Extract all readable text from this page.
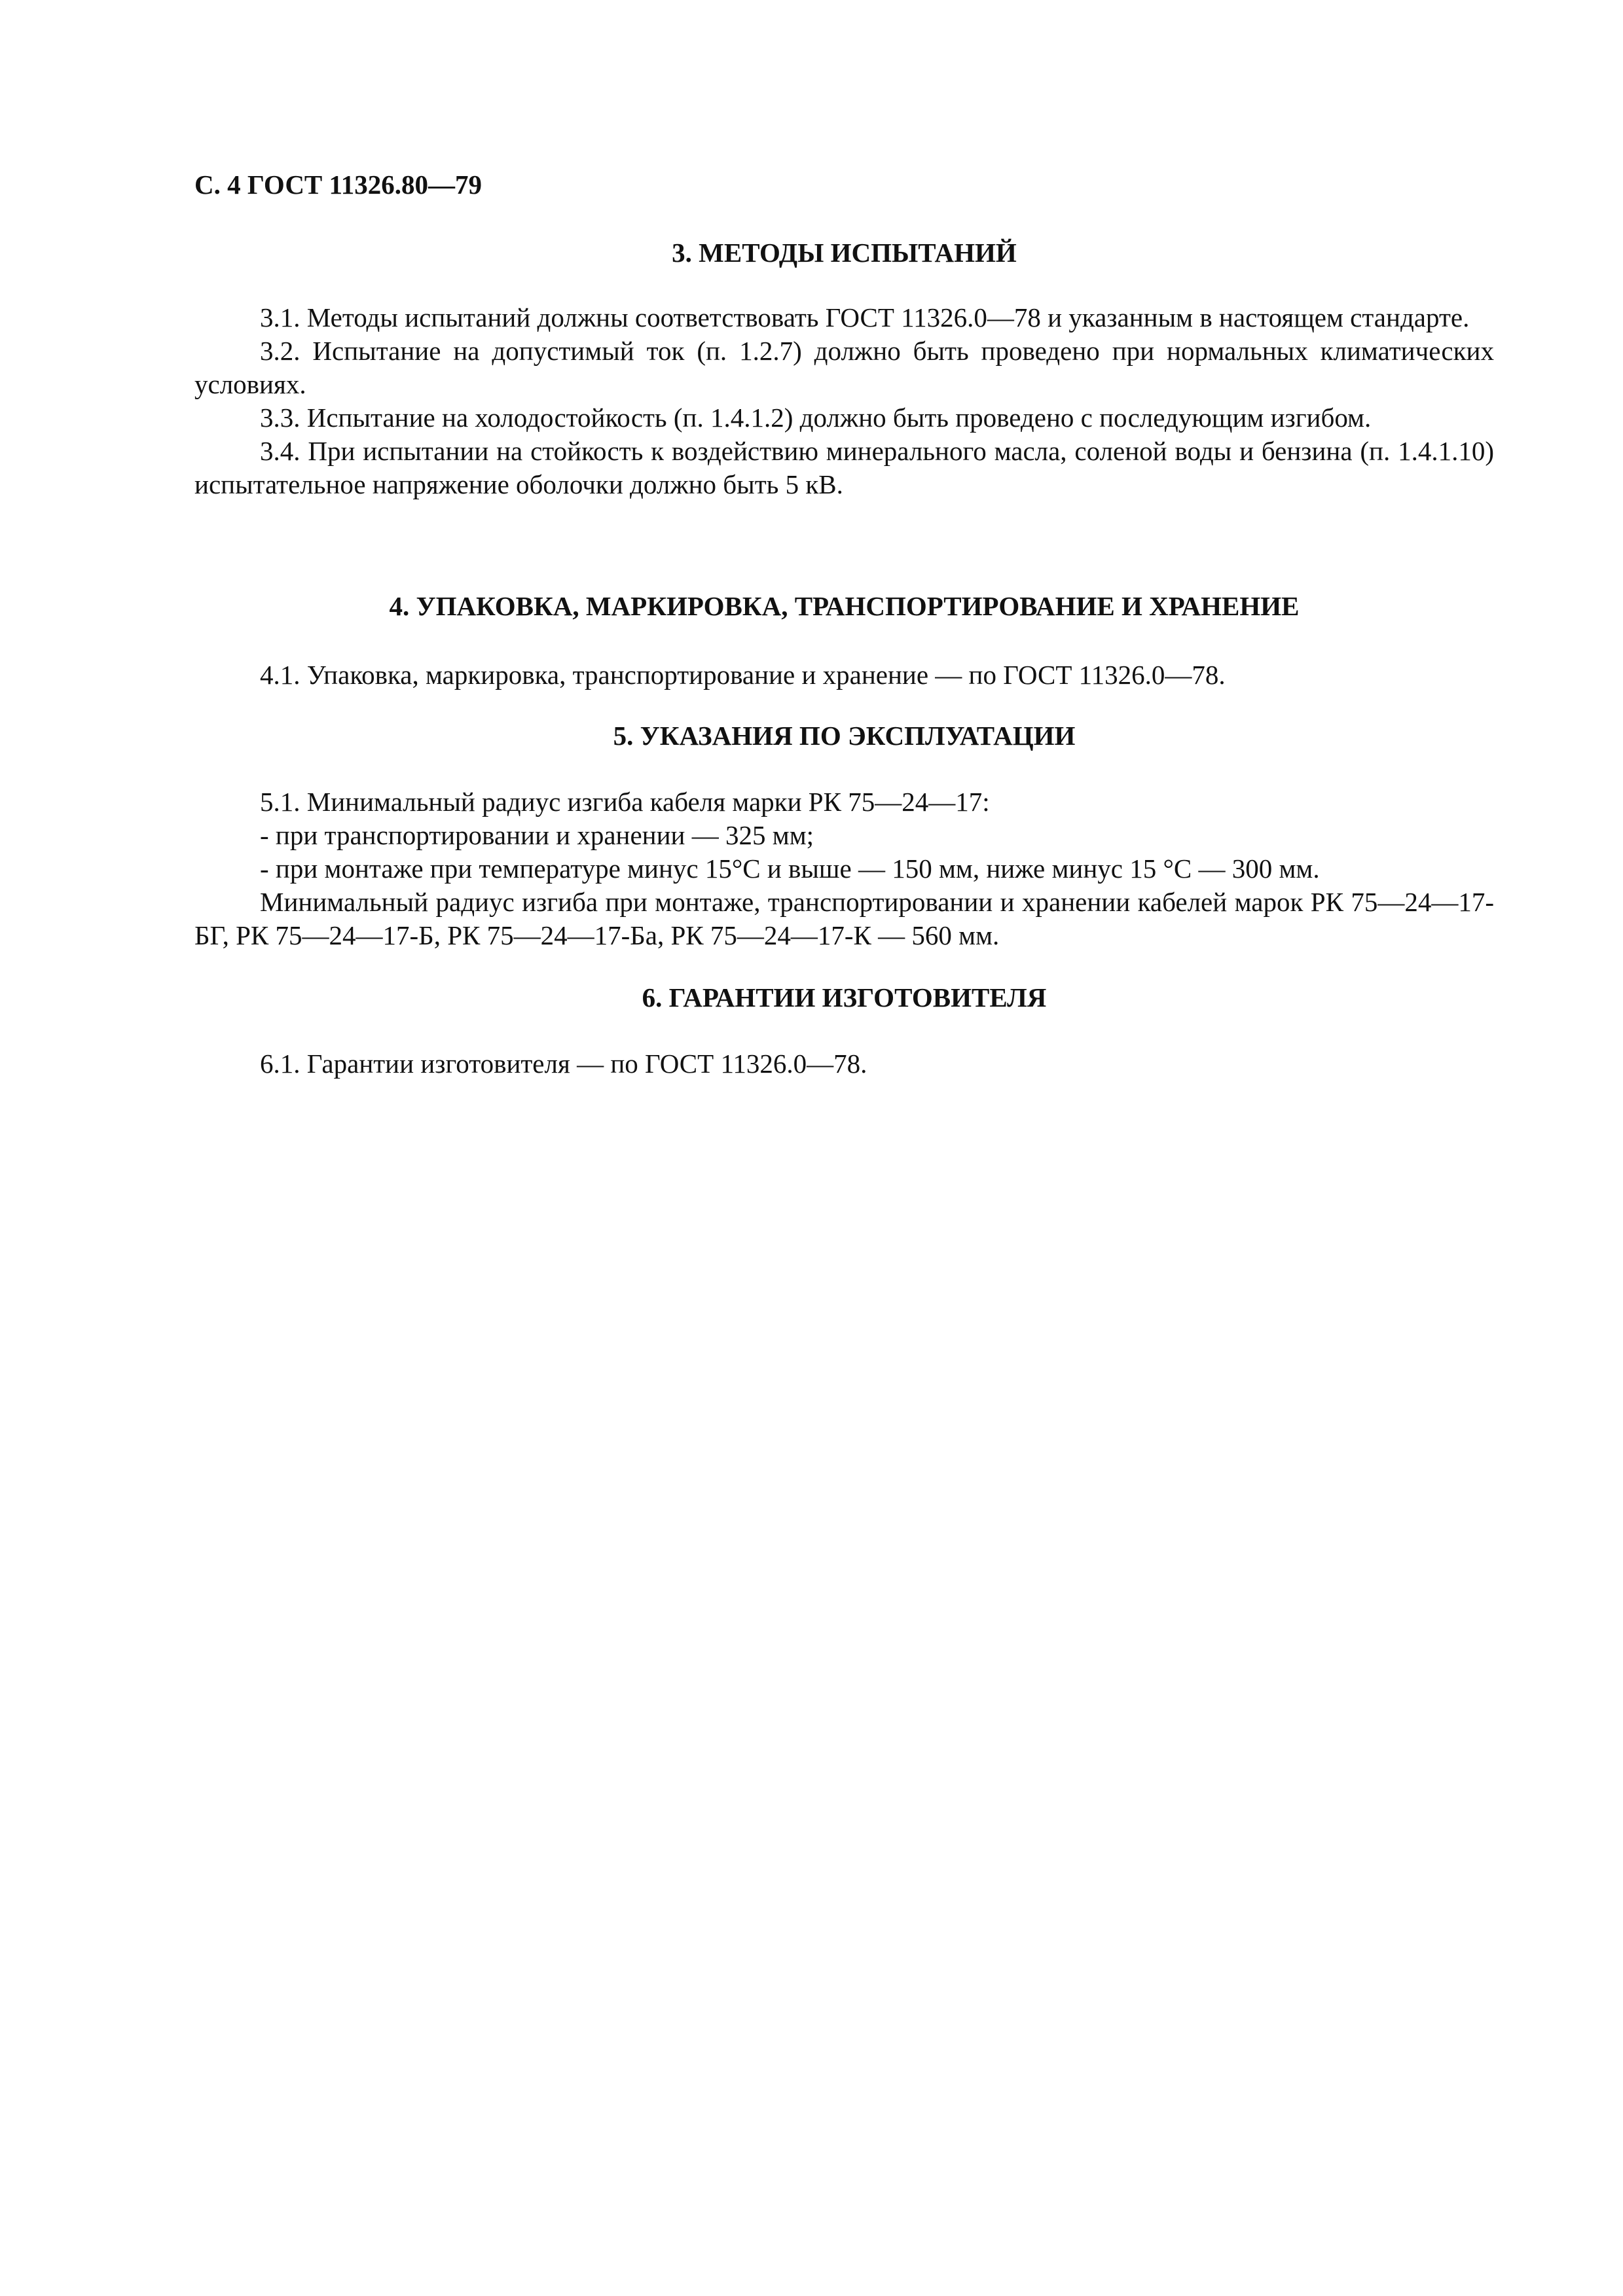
С. 4 ГОСТ 11326.80—79
3. МЕТОДЫ ИСПЫТАНИЙ

3.1. Методы испытаний должны соответствовать ГОСТ 11326.0—78 и указанным в настоящем стандарте.

3.2. Испытание на допустимый ток (п. 1.2.7) должно быть проведено при нормальных климатических условиях.

3.3. Испытание на холодостойкость (п. 1.4.1.2) должно быть проведено с последующим изгибом.

3.4. При испытании на стойкость к воздействию минерального масла, соленой воды и бензина (п. 1.4.1.10) испытательное напряжение оболочки должно быть 5 кВ.

4. УПАКОВКА, МАРКИРОВКА, ТРАНСПОРТИРОВАНИЕ И ХРАНЕНИЕ

4.1. Упаковка, маркировка, транспортирование и хранение — по ГОСТ 11326.0—78.

5. УКАЗАНИЯ ПО ЭКСПЛУАТАЦИИ

5.1. Минимальный радиус изгиба кабеля марки РК 75—24—17:

- при транспортировании и хранении — 325 мм;

- при монтаже при температуре минус 15°С и выше — 150 мм, ниже минус 15 °С — 300 мм.

Минимальный радиус изгиба при монтаже, транспортировании и хранении кабелей марок РК 75—24—17-БГ, РК 75—24—17-Б, РК 75—24—17-Ба, РК 75—24—17-К — 560 мм.

6. ГАРАНТИИ ИЗГОТОВИТЕЛЯ

6.1. Гарантии изготовителя — по ГОСТ 11326.0—78.
